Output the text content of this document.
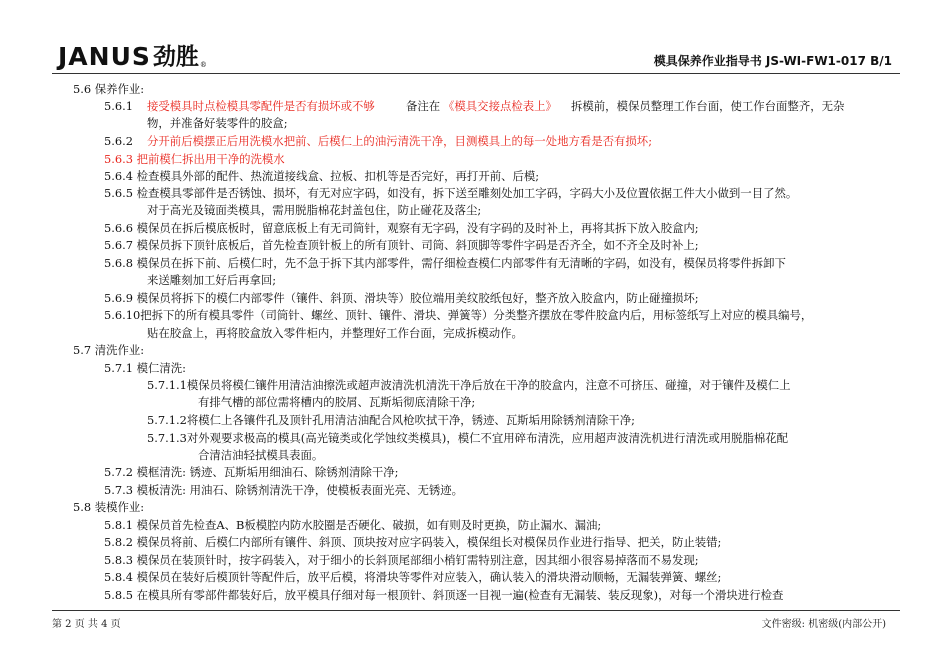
JANUS 劲胜 ®	模具保养作业指导书 JS-WI-FW1-017 B/1
5.6 保养作业:
5.6.1 接受模具时点检模具零配件是否有损坏或不够	备注在 《模具交接点检表上》 拆模前，模保员整理工作台面，使工作台面整齐，无杂
物，并准备好装零件的胶盒;
5.6.2 分开前后模摆正后用洗模水把前、后模仁上的油污清洗干净，目测模具上的每一处地方看是否有损坏;
5.6.3 把前模仁拆出用干净的洗模水
5.6.4 检查模具外部的配件、热流道接线盒、拉板、扣机等是否完好，再打开前、后模;
5.6.5 检查模具零部件是否锈蚀、损坏，有无对应字码，如没有，拆下送至雕刻处加工字码，字码大小及位置依据工件大小做到一目了然。
对于高光及镜面类模具，需用脱脂棉花封盖包住，防止碰花及落尘;
5.6.6 模保员在拆后模底板时，留意底板上有无司筒针，观察有无字码，没有字码的及时补上，再将其拆下放入胶盒内;
5.6.7 模保员拆下顶针底板后，首先检查顶针板上的所有顶针、司筒、斜顶脚等零件字码是否齐全，如不齐全及时补上;
5.6.8 模保员在拆下前、后模仁时，先不急于拆下其内部零件，需仔细检查模仁内部零件有无清晰的字码，如没有，模保员将零件拆卸下
来送雕刻加工好后再拿回;
5.6.9 模保员将拆下的模仁内部零件（镶件、斜顶、滑块等）胶位端用美纹胶纸包好，整齐放入胶盒内，防止碰撞损坏;
5.6.10把拆下的所有模具零件（司筒针、螺丝、顶针、镶件、滑块、弹簧等）分类整齐摆放在零件胶盒内后，用标签纸写上对应的模具编号，
贴在胶盒上，再将胶盒放入零件柜内，并整理好工作台面，完成拆模动作。
5.7 清洗作业:
5.7.1 模仁清洗:
5.7.1.1模保员将模仁镶件用清洁油擦洗或超声波清洗机清洗干净后放在干净的胶盒内，注意不可挤压、碰撞，对于镶件及模仁上
有排气槽的部位需将槽内的胶屑、瓦斯垢彻底清除干净;
5.7.1.2将模仁上各镶件孔及顶针孔用清洁油配合风枪吹拭干净，锈迹、瓦斯垢用除锈剂清除干净;
5.7.1.3对外观要求极高的模具(高光镜类或化学蚀纹类模具)，模仁不宜用碎布清洗，应用超声波清洗机进行清洗或用脱脂棉花配
合清洁油轻拭模具表面。
5.7.2 模框清洗: 锈迹、瓦斯垢用细油石、除锈剂清除干净;
5.7.3 模板清洗: 用油石、除锈剂清洗干净，使模板表面光亮、无锈迹。
5.8 装模作业:
5.8.1 模保员首先检查A、B板模腔内防水胶圈是否硬化、破损，如有则及时更换，防止漏水、漏油;
5.8.2 模保员将前、后模仁内部所有镶件、斜顶、顶块按对应字码装入，模保组长对模保员作业进行指导、把关，防止装错;
5.8.3 模保员在装顶针时，按字码装入，对于细小的长斜顶尾部细小梢钉需特别注意，因其细小很容易掉落而不易发现;
5.8.4 模保员在装好后模顶针等配件后，放平后模，将滑块等零件对应装入，确认装入的滑块滑动顺畅，无漏装弹簧、螺丝;
5.8.5 在模具所有零部件都装好后，放平模具仔细对每一根顶针、斜顶逐一目视一遍(检查有无漏装、装反现象)，对每一个滑块进行检查
第 2 页 共 4 页	文件密级: 机密级(内部公开)
